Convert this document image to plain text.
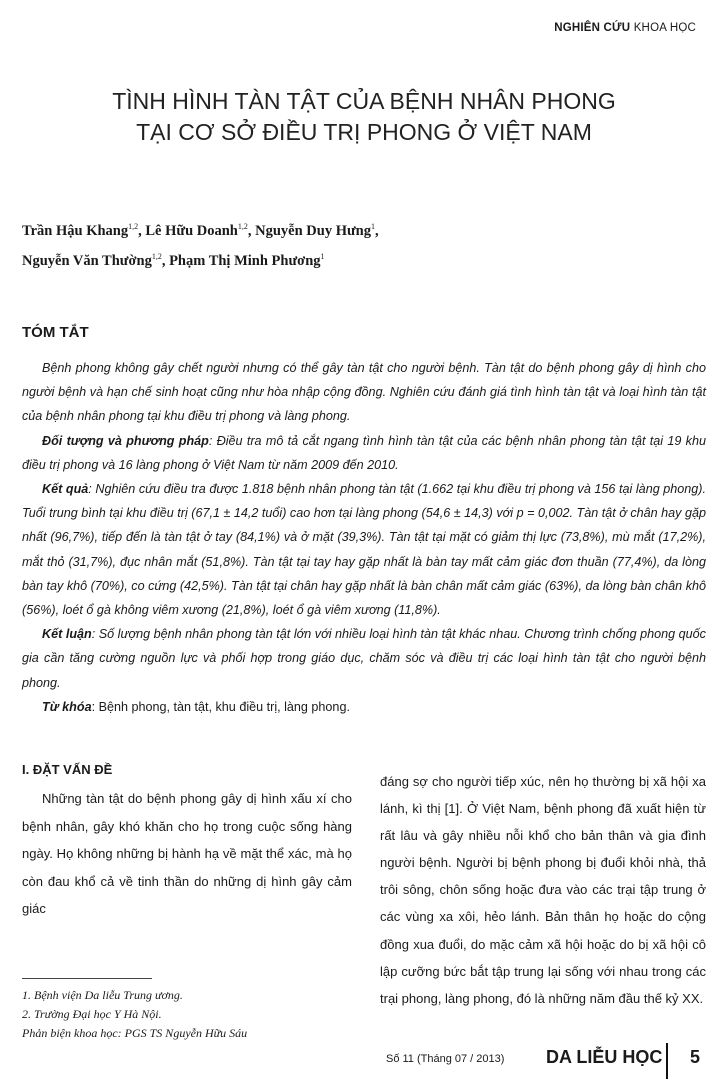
NGHIÊN CỨU KHOA HỌC
TÌNH HÌNH TÀN TẬT CỦA BỆNH NHÂN PHONG
TẠI CƠ SỞ ĐIỀU TRỊ PHONG Ở VIỆT NAM
Trần Hậu Khang$^{1,2}$, Lê Hữu Doanh$^{1,2}$, Nguyễn Duy Hưng$^1$,
Nguyễn Văn Thường$^{1,2}$, Phạm Thị Minh Phương$^1$
TÓM TẮT

Bệnh phong không gây chết người nhưng có thể gây tàn tật cho người bệnh. Tàn tật do bệnh phong gây dị hình cho người bệnh và hạn chế sinh hoạt cũng như hòa nhập cộng đồng. Nghiên cứu đánh giá tình hình tàn tật và loại hình tàn tật của bệnh nhân phong tại khu điều trị phong và làng phong.

Đối tượng và phương pháp: Điều tra mô tả cắt ngang tình hình tàn tật của các bệnh nhân phong tàn tật tại 19 khu điều trị phong và 16 làng phong ở Việt Nam từ năm 2009 đến 2010.

Kết quả: Nghiên cứu điều tra được 1.818 bệnh nhân phong tàn tật (1.662 tại khu điều trị phong và 156 tại làng phong). Tuổi trung bình tại khu điều trị (67,1 ± 14,2 tuổi) cao hơn tại làng phong (54,6 ± 14,3) với p = 0,002. Tàn tật ở chân hay gặp nhất (96,7%), tiếp đến là tàn tật ở tay (84,1%) và ở mặt (39,3%). Tàn tật tại mặt có giảm thị lực (73,8%), mù mắt (17,2%), mắt thỏ (31,7%), đục nhân mắt (51,8%). Tàn tật tại tay hay gặp nhất là bàn tay mất cảm giác đơn thuần (77,4%), da lòng bàn tay khô (70%), co cứng (42,5%). Tàn tật tại chân hay gặp nhất là bàn chân mất cảm giác (63%), da lòng bàn chân khô (56%), loét ổ gà không viêm xương (21,8%), loét ổ gà viêm xương (11,8%).

Kết luận: Số lượng bệnh nhân phong tàn tật lớn với nhiều loại hình tàn tật khác nhau. Chương trình chống phong quốc gia cần tăng cường nguồn lực và phối hợp trong giáo dục, chăm sóc và điều trị các loại hình tàn tật cho người bệnh phong.

Từ khóa: Bệnh phong, tàn tật, khu điều trị, làng phong.

I. ĐẶT VẤN ĐỀ

Những tàn tật do bệnh phong gây dị hình xấu xí cho bệnh nhân, gây khó khăn cho họ trong cuộc sống hàng ngày. Họ không những bị hành hạ về mặt thể xác, mà họ còn đau khổ cả về tinh thần do những dị hình gây cảm giác

1. Bệnh viện Da liễu Trung ương.
2. Trường Đại học Y Hà Nội.
Phản biện khoa học: PGS TS Nguyễn Hữu Sáu

đáng sợ cho người tiếp xúc, nên họ thường bị xã hội xa lánh, kì thị [1]. Ở Việt Nam, bệnh phong đã xuất hiện từ rất lâu và gây nhiều nỗi khổ cho bản thân và gia đình người bệnh. Người bị bệnh phong bị đuổi khỏi nhà, thả trôi sông, chôn sống hoặc đưa vào các trại tập trung ở các vùng xa xôi, hẻo lánh. Bản thân họ hoặc do cộng đồng xua đuổi, do mặc cảm xã hội hoặc do bị xã hội cô lập cưỡng bức bắt tập trung lại sống với nhau trong các trại phong, làng phong, đó là những năm đầu thế kỷ XX.

Số 11 (Tháng 07 / 2013) DA LIỄU HỌC 5
